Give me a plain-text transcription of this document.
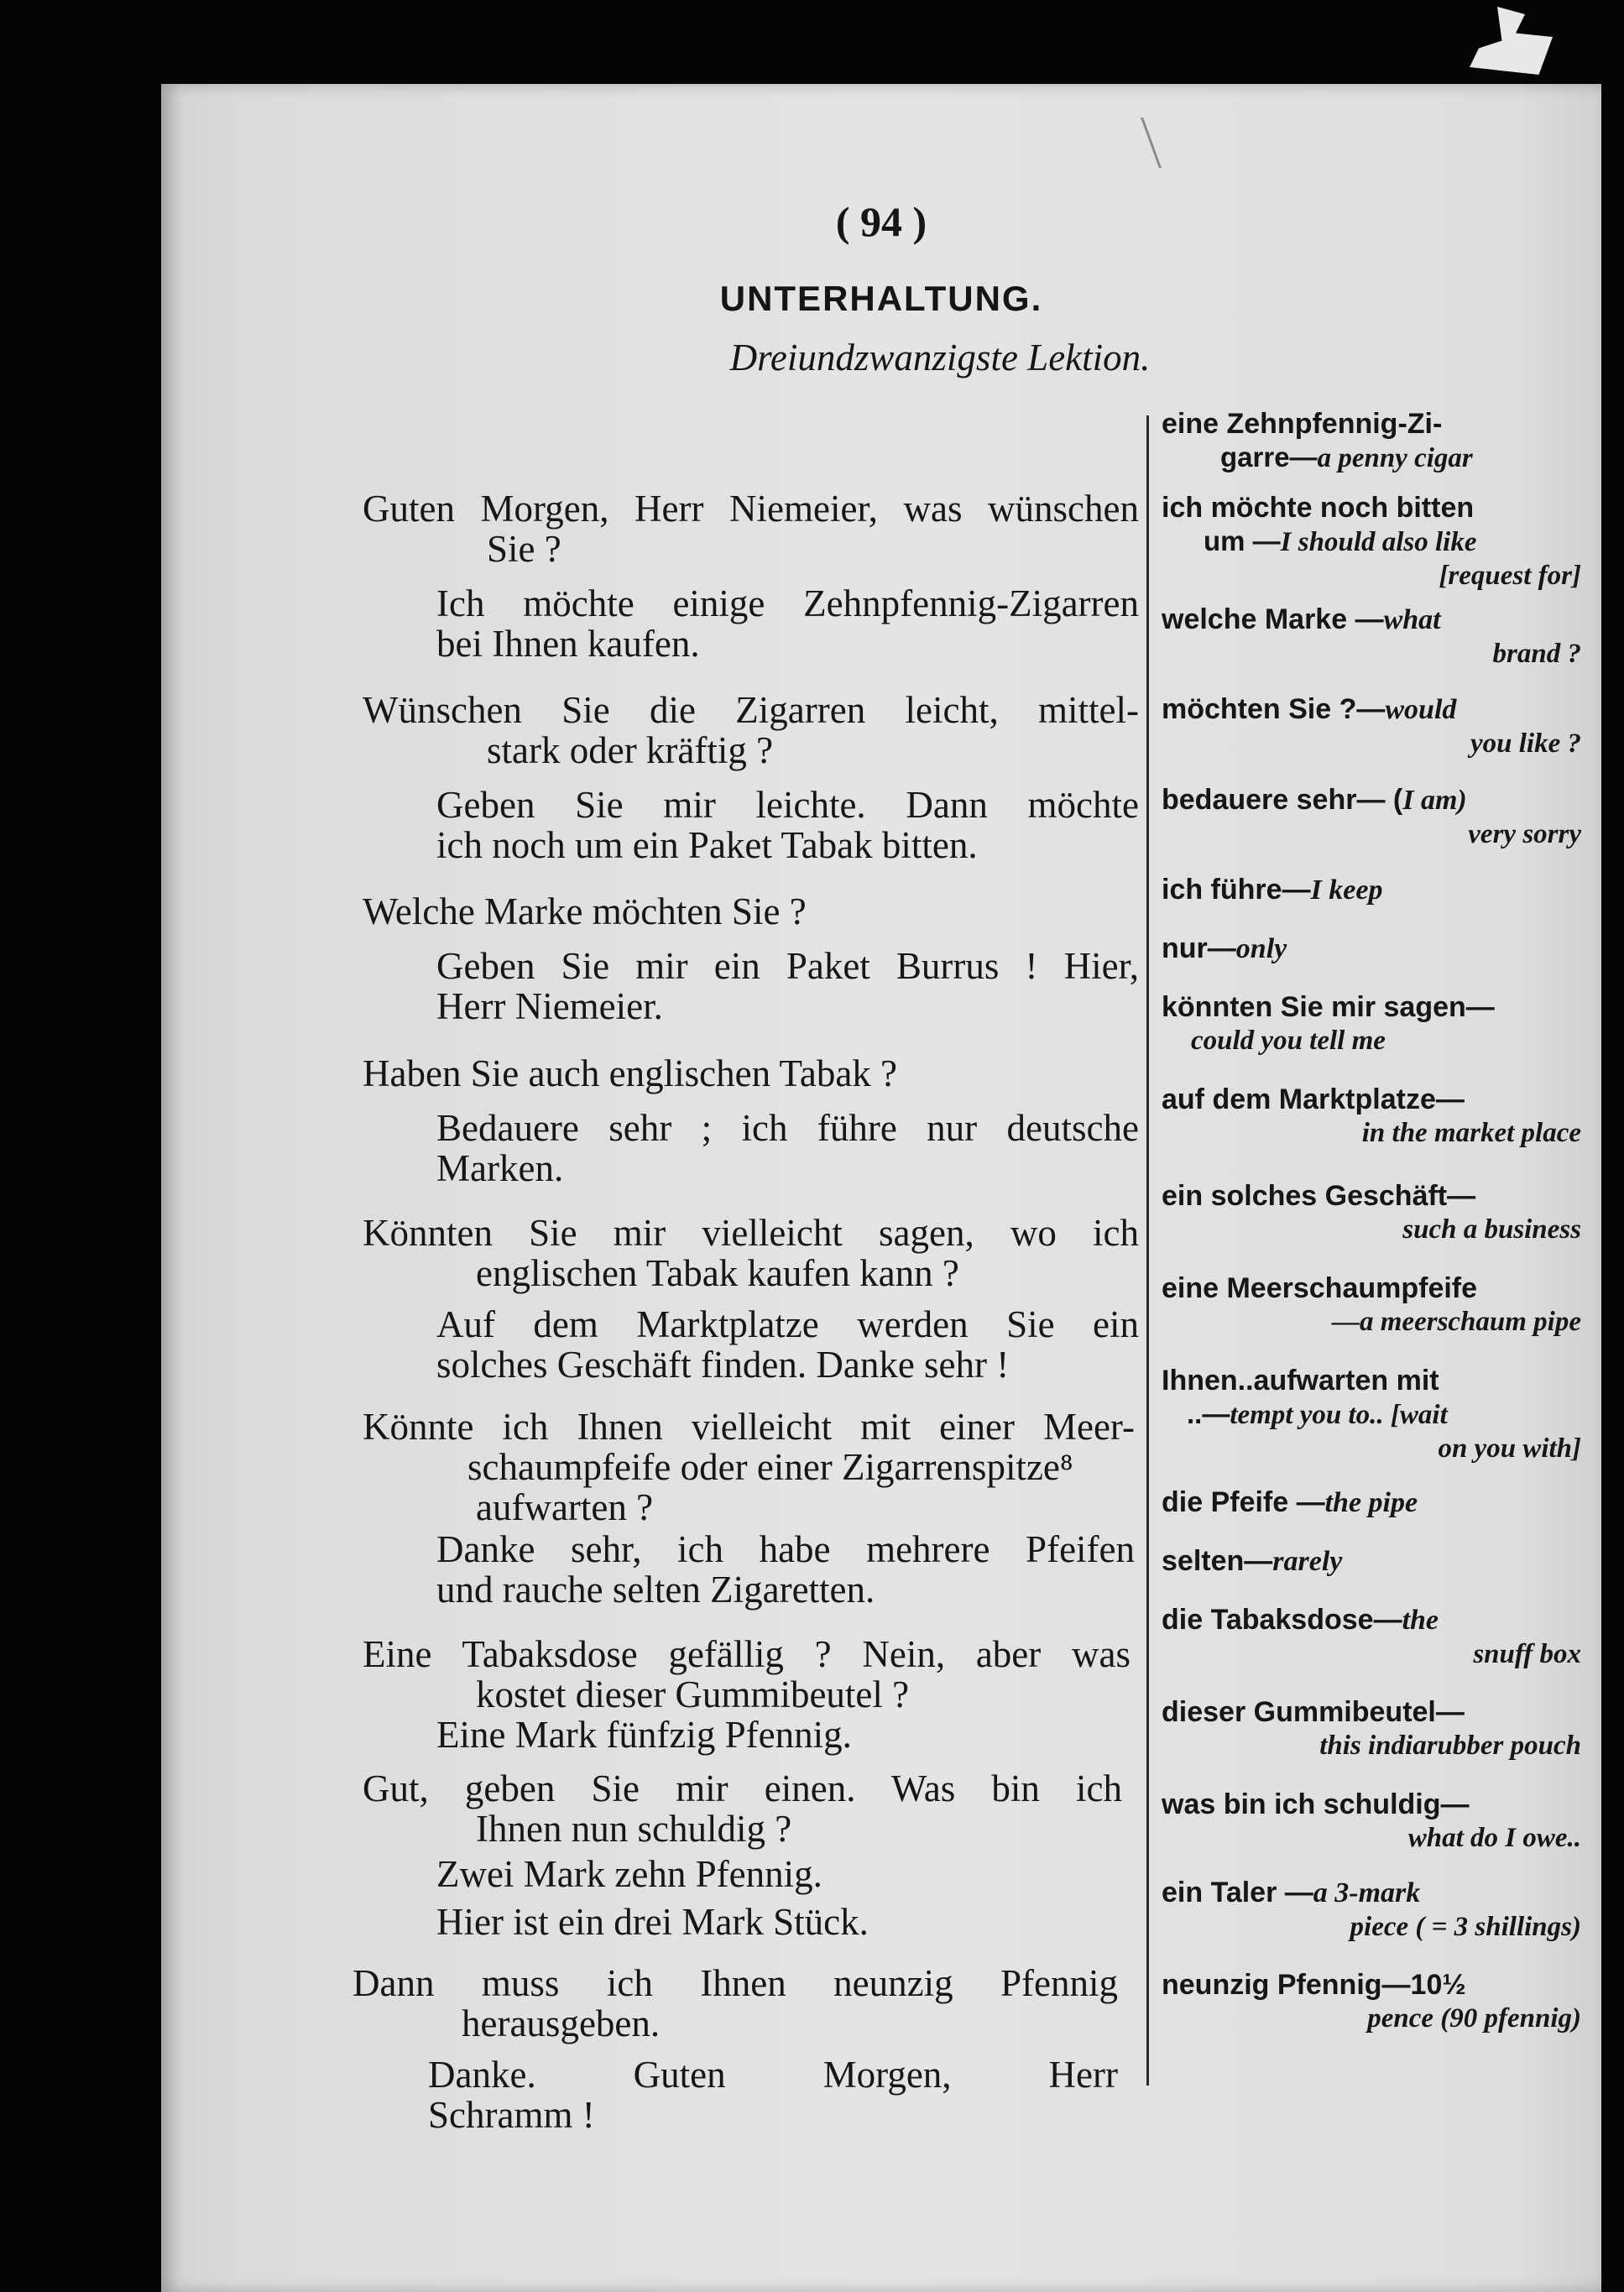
( 94 )
UNTERHALTUNG.
Dreiundzwanzigste Lektion.
Guten Morgen, Herr Niemeier, was wünschen
Sie ?
Ich möchte einige Zehnpfennig-Zigarren
bei Ihnen kaufen.
Wünschen Sie die Zigarren leicht, mittel-
stark oder kräftig ?
Geben Sie mir leichte. Dann möchte
ich noch um ein Paket Tabak bitten.
Welche Marke möchten Sie ?
Geben Sie mir ein Paket Burrus ! Hier,
Herr Niemeier.
Haben Sie auch englischen Tabak ?
Bedauere sehr ; ich führe nur deutsche
Marken.
Könnten Sie mir vielleicht sagen, wo ich
englischen Tabak kaufen kann ?
Auf dem Marktplatze werden Sie ein
solches Geschäft finden. Danke sehr !
Könnte ich Ihnen vielleicht mit einer Meer-
schaumpfeife oder einer Zigarrenspitze⁸
aufwarten ?
Danke sehr, ich habe mehrere Pfeifen
und rauche selten Zigaretten.
Eine Tabaksdose gefällig ? Nein, aber was
kostet dieser Gummibeutel ?
Eine Mark fünfzig Pfennig.
Gut, geben Sie mir einen. Was bin ich
Ihnen nun schuldig ?
Zwei Mark zehn Pfennig.
Hier ist ein drei Mark Stück.
Dann muss ich Ihnen neunzig Pfennig
herausgeben.
Danke. Guten Morgen, Herr
Schramm !
eine Zehnpfennig-Zi-
garre—a penny cigar
ich möchte noch bitten
um —I should also like
[request for]
welche Marke —what
brand ?
möchten Sie ?—would
you like ?
bedauere sehr— (I am)
very sorry
ich führe—I keep
nur—only
könnten Sie mir sagen—
could you tell me
auf dem Marktplatze—
in the market place
ein solches Geschäft—
such a business
eine Meerschaumpfeife
—a meerschaum pipe
Ihnen..aufwarten mit
..—tempt you to.. [wait
on you with]
die Pfeife —the pipe
selten—rarely
die Tabaksdose—the
snuff box
dieser Gummibeutel—
this indiarubber pouch
was bin ich schuldig—
what do I owe..
ein Taler —a 3-mark
piece ( = 3 shillings)
neunzig Pfennig—10½
pence (90 pfennig)
